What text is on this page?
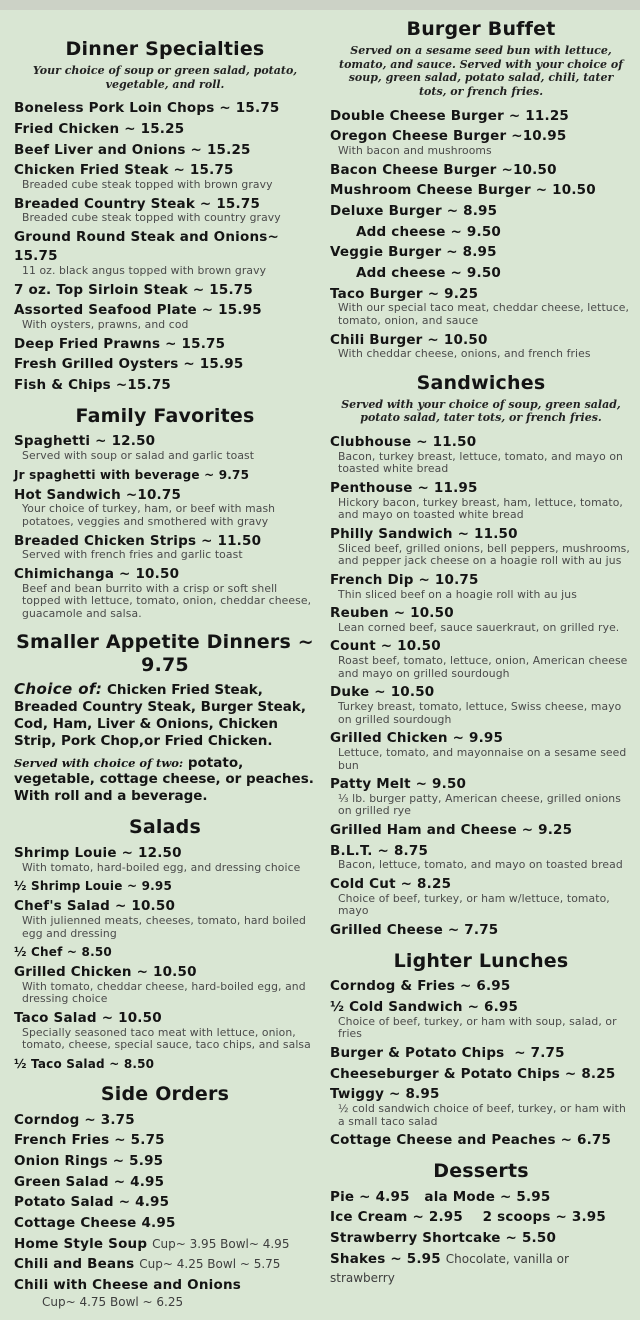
Dinner Specialties
Your choice of soup or green salad, potato, vegetable, and roll.
Boneless Pork Loin Chops ~ 15.75
Fried Chicken ~ 15.25
Beef Liver and Onions ~ 15.25
Chicken Fried Steak ~ 15.75
Breaded cube steak topped with brown gravy
Breaded Country Steak ~ 15.75
Breaded cube steak topped with country gravy
Ground Round Steak and Onions~ 15.75
11 oz. black angus topped with brown gravy
7 oz. Top Sirloin Steak ~ 15.75
Assorted Seafood Plate ~ 15.95
With oysters, prawns, and cod
Deep Fried Prawns ~ 15.75
Fresh Grilled Oysters ~ 15.95
Fish & Chips ~15.75
Family Favorites
Spaghetti ~ 12.50
Served with soup or salad and garlic toast
Jr spaghetti with beverage ~ 9.75
Hot Sandwich ~10.75
Your choice of turkey, ham, or beef with mash potatoes, veggies and smothered with gravy
Breaded Chicken Strips ~ 11.50
Served with french fries and garlic toast
Chimichanga ~ 10.50
Beef and bean burrito with a crisp or soft shell topped with lettuce, tomato, onion, cheddar cheese, guacamole and salsa.
Smaller Appetite Dinners ~ 9.75
Choice of: Chicken Fried Steak, Breaded Country Steak, Burger Steak, Cod, Ham, Liver & Onions, Chicken Strip, Pork Chop,or Fried Chicken.
Served with choice of two: potato, vegetable, cottage cheese, or peaches. With roll and a beverage.
Salads
Shrimp Louie ~ 12.50
With tomato, hard-boiled egg, and dressing choice
½ Shrimp Louie ~ 9.95
Chef's Salad ~ 10.50
With julienned meats, cheeses, tomato, hard boiled egg and dressing
½ Chef ~ 8.50
Grilled Chicken ~ 10.50
With tomato, cheddar cheese, hard-boiled egg, and dressing choice
Taco Salad ~ 10.50
Specially seasoned taco meat with lettuce, onion, tomato, cheese, special sauce, taco chips, and salsa
½ Taco Salad ~ 8.50
Side Orders
Corndog ~ 3.75
French Fries ~ 5.75
Onion Rings ~ 5.95
Green Salad ~ 4.95
Potato Salad ~ 4.95
Cottage Cheese 4.95
Home Style Soup Cup~ 3.95 Bowl~ 4.95
Chili and Beans Cup~ 4.25 Bowl ~ 5.75
Chili with Cheese and Onions
Cup~ 4.75 Bowl ~ 6.25
Burger Buffet
Served on a sesame seed bun with lettuce, tomato, and sauce. Served with your choice of soup, green salad, potato salad, chili, tater tots, or french fries.
Double Cheese Burger ~ 11.25
Oregon Cheese Burger ~10.95
With bacon and mushrooms
Bacon Cheese Burger ~10.50
Mushroom Cheese Burger ~ 10.50
Deluxe Burger ~ 8.95
Add cheese ~ 9.50
Veggie Burger ~ 8.95
Add cheese ~ 9.50
Taco Burger ~ 9.25
With our special taco meat, cheddar cheese, lettuce, tomato, onion, and sauce
Chili Burger ~ 10.50
With cheddar cheese, onions, and french fries
Sandwiches
Served with your choice of soup, green salad, potato salad, tater tots, or french fries.
Clubhouse ~ 11.50
Bacon, turkey breast, lettuce, tomato, and mayo on toasted white bread
Penthouse ~ 11.95
Hickory bacon, turkey breast, ham, lettuce, tomato, and mayo on toasted white bread
Philly Sandwich ~ 11.50
Sliced beef, grilled onions, bell peppers, mushrooms, and pepper jack cheese on a hoagie roll with au jus
French Dip ~ 10.75
Thin sliced beef on a hoagie roll with au jus
Reuben ~ 10.50
Lean corned beef, sauce sauerkraut, on grilled rye.
Count ~ 10.50
Roast beef, tomato, lettuce, onion, American cheese and mayo on grilled sourdough
Duke ~ 10.50
Turkey breast, tomato, lettuce, Swiss cheese, mayo on grilled sourdough
Grilled Chicken ~ 9.95
Lettuce, tomato, and mayonnaise on a sesame seed bun
Patty Melt ~ 9.50
⅓ lb. burger patty, American cheese, grilled onions on grilled rye
Grilled Ham and Cheese ~ 9.25
B.L.T. ~ 8.75
Bacon, lettuce, tomato, and mayo on toasted bread
Cold Cut ~ 8.25
Choice of beef, turkey, or ham w/lettuce, tomato, mayo
Grilled Cheese ~ 7.75
Lighter Lunches
Corndog & Fries ~ 6.95
½ Cold Sandwich ~ 6.95
Choice of beef, turkey, or ham with soup, salad, or fries
Burger & Potato Chips  ~ 7.75
Cheeseburger & Potato Chips ~ 8.25
Twiggy ~ 8.95
½ cold sandwich choice of beef, turkey, or ham with a small taco salad
Cottage Cheese and Peaches ~ 6.75
Desserts
Pie ~ 4.95   ala Mode ~ 5.95
Ice Cream ~ 2.95    2 scoops ~ 3.95
Strawberry Shortcake ~ 5.50
Shakes ~ 5.95 Chocolate, vanilla or strawberry
